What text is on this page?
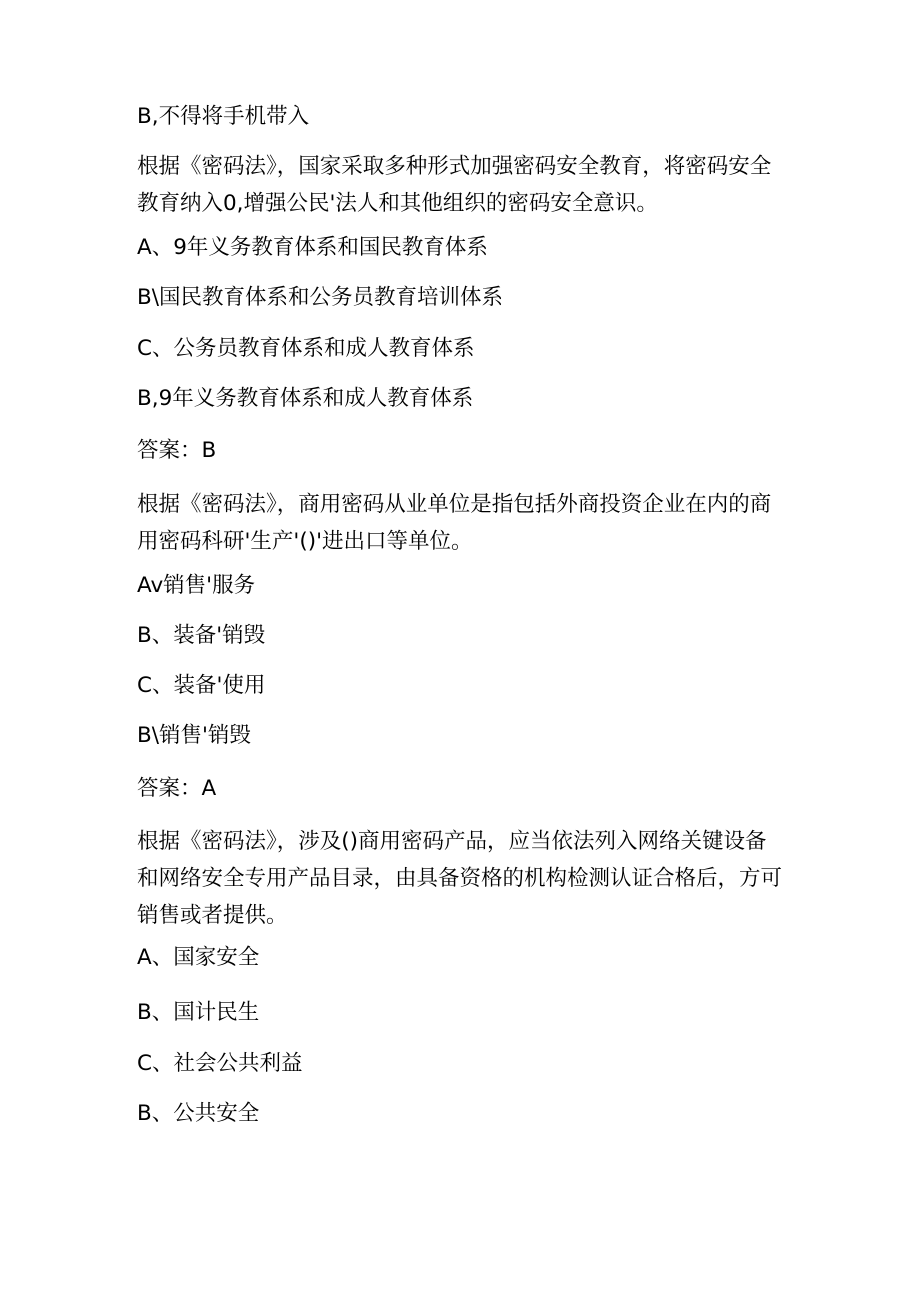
B,不得将手机带入
根据《密码法》，国家采取多种形式加强密码安全教育，将密码安全
教育纳入0,增强公民'法人和其他组织的密码安全意识。
A、9年义务教育体系和国民教育体系
B\国民教育体系和公务员教育培训体系
C、公务员教育体系和成人教育体系
B,9年义务教育体系和成人教育体系
答案：B
根据《密码法》，商用密码从业单位是指包括外商投资企业在内的商
用密码科研'生产'()'进出口等单位。
Av销售'服务
B、装备'销毁
C、装备'使用
B\销售'销毁
答案：A
根据《密码法》，涉及()商用密码产品，应当依法列入网络关键设备
和网络安全专用产品目录，由具备资格的机构检测认证合格后，方可
销售或者提供。
A、国家安全
B、国计民生
C、社会公共利益
B、公共安全
